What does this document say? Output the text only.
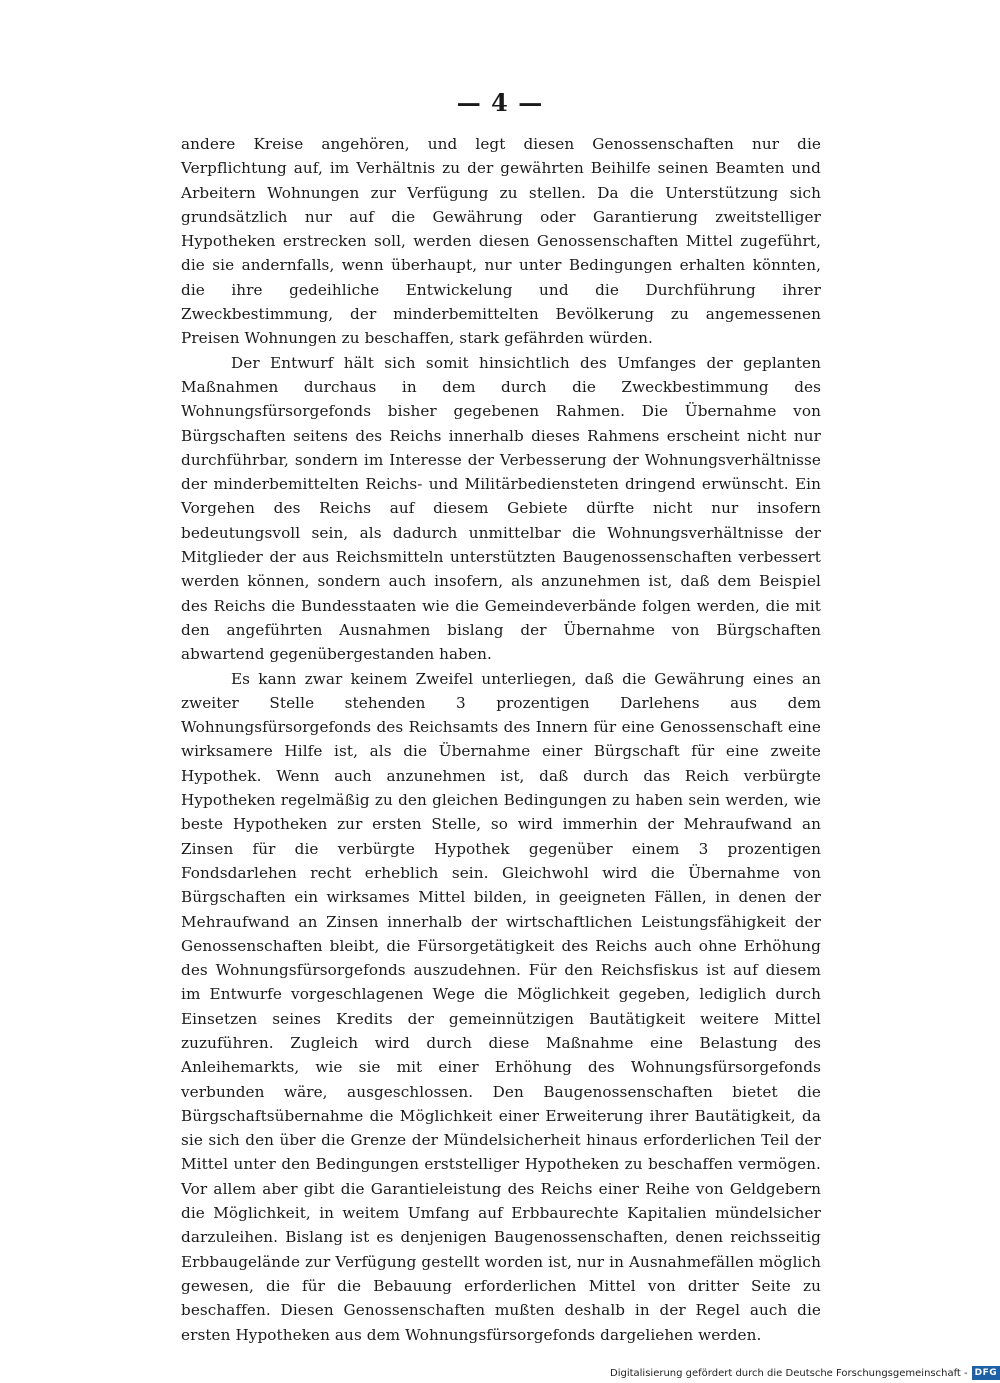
— 4 —

andere Kreise angehören, und legt diesen Genossenschaften nur die Verpflichtung auf, im Verhältnis zu der gewährten Beihilfe seinen Beamten und Arbeitern Wohnungen zur Verfügung zu stellen. Da die Unterstützung sich grundsätzlich nur auf die Gewährung oder Garantierung zweitstelliger Hypotheken erstrecken soll, werden diesen Genossenschaften Mittel zugeführt, die sie andernfalls, wenn überhaupt, nur unter Bedingungen erhalten könnten, die ihre gedeihliche Entwickelung und die Durchführung ihrer Zweckbestimmung, der minderbemittelten Bevölkerung zu angemessenen Preisen Wohnungen zu beschaffen, stark gefährden würden.

Der Entwurf hält sich somit hinsichtlich des Umfanges der geplanten Maßnahmen durchaus in dem durch die Zweckbestimmung des Wohnungsfürsorgefonds bisher gegebenen Rahmen. Die Übernahme von Bürgschaften seitens des Reichs innerhalb dieses Rahmens erscheint nicht nur durchführbar, sondern im Interesse der Verbesserung der Wohnungsverhältnisse der minderbemittelten Reichs- und Militärbediensteten dringend erwünscht. Ein Vorgehen des Reichs auf diesem Gebiete dürfte nicht nur insofern bedeutungsvoll sein, als dadurch unmittelbar die Wohnungsverhältnisse der Mitglieder der aus Reichsmitteln unterstützten Baugenossenschaften verbessert werden können, sondern auch insofern, als anzunehmen ist, daß dem Beispiel des Reichs die Bundesstaaten wie die Gemeindeverbände folgen werden, die mit den angeführten Ausnahmen bislang der Übernahme von Bürgschaften abwartend gegenübergestanden haben.

Es kann zwar keinem Zweifel unterliegen, daß die Gewährung eines an zweiter Stelle stehenden 3 prozentigen Darlehens aus dem Wohnungsfürsorgefonds des Reichsamts des Innern für eine Genossenschaft eine wirksamere Hilfe ist, als die Übernahme einer Bürgschaft für eine zweite Hypothek. Wenn auch anzunehmen ist, daß durch das Reich verbürgte Hypotheken regelmäßig zu den gleichen Bedingungen zu haben sein werden, wie beste Hypotheken zur ersten Stelle, so wird immerhin der Mehraufwand an Zinsen für die verbürgte Hypothek gegenüber einem 3 prozentigen Fondsdarlehen recht erheblich sein. Gleichwohl wird die Übernahme von Bürgschaften ein wirksames Mittel bilden, in geeigneten Fällen, in denen der Mehraufwand an Zinsen innerhalb der wirtschaftlichen Leistungsfähigkeit der Genossenschaften bleibt, die Fürsorgetätigkeit des Reichs auch ohne Erhöhung des Wohnungsfürsorgefonds auszudehnen. Für den Reichsfiskus ist auf diesem im Entwurfe vorgeschlagenen Wege die Möglichkeit gegeben, lediglich durch Einsetzen seines Kredits der gemeinnützigen Bautätigkeit weitere Mittel zuzuführen. Zugleich wird durch diese Maßnahme eine Belastung des Anleihemarkts, wie sie mit einer Erhöhung des Wohnungsfürsorgefonds verbunden wäre, ausgeschlossen. Den Baugenossenschaften bietet die Bürgschaftsübernahme die Möglichkeit einer Erweiterung ihrer Bautätigkeit, da sie sich den über die Grenze der Mündelsicherheit hinaus erforderlichen Teil der Mittel unter den Bedingungen erststelliger Hypotheken zu beschaffen vermögen. Vor allem aber gibt die Garantieleistung des Reichs einer Reihe von Geldgebern die Möglichkeit, in weitem Umfang auf Erbbaurechte Kapitalien mündelsicher darzuleihen. Bislang ist es denjenigen Baugenossenschaften, denen reichsseitig Erbbaugelände zur Verfügung gestellt worden ist, nur in Ausnahmefällen möglich gewesen, die für die Bebauung erforderlichen Mittel von dritter Seite zu beschaffen. Diesen Genossenschaften mußten deshalb in der Regel auch die ersten Hypotheken aus dem Wohnungsfürsorgefonds dargeliehen werden.

Digitalisierung gefördert durch die Deutsche Forschungsgemeinschaft - DFG
